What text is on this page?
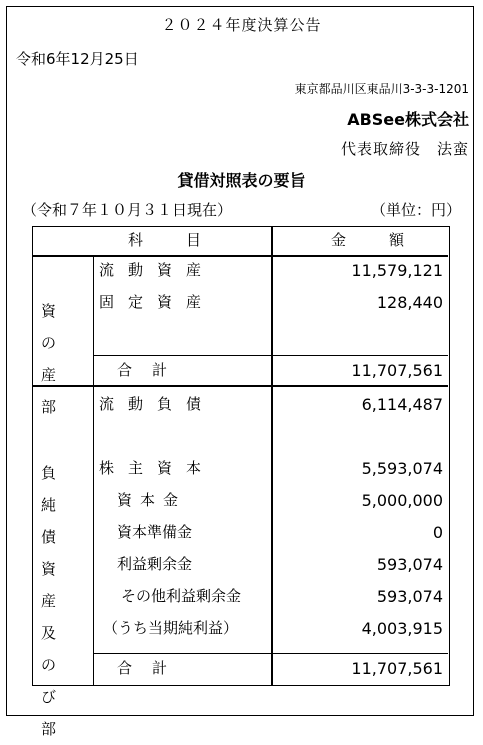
２０２４年度決算公告
令和6年12月25日
東京都品川区東品川3-3-3-1201
ABSee株式会社
代表取締役　法蛮
貸借対照表の要旨
（令和７年１０月３１日現在）	（単位：円）
科　目	金　額
資の産部
流動資産	11,579,121
固定資産	128,440
合計	11,707,561
負純債資産及のび部
流動負債	6,114,487
株主資本	5,593,074
資本金	5,000,000
資本準備金	0
利益剰余金	593,074
その他利益剰余金	593,074
（うち当期純利益）	4,003,915
合計	11,707,561
